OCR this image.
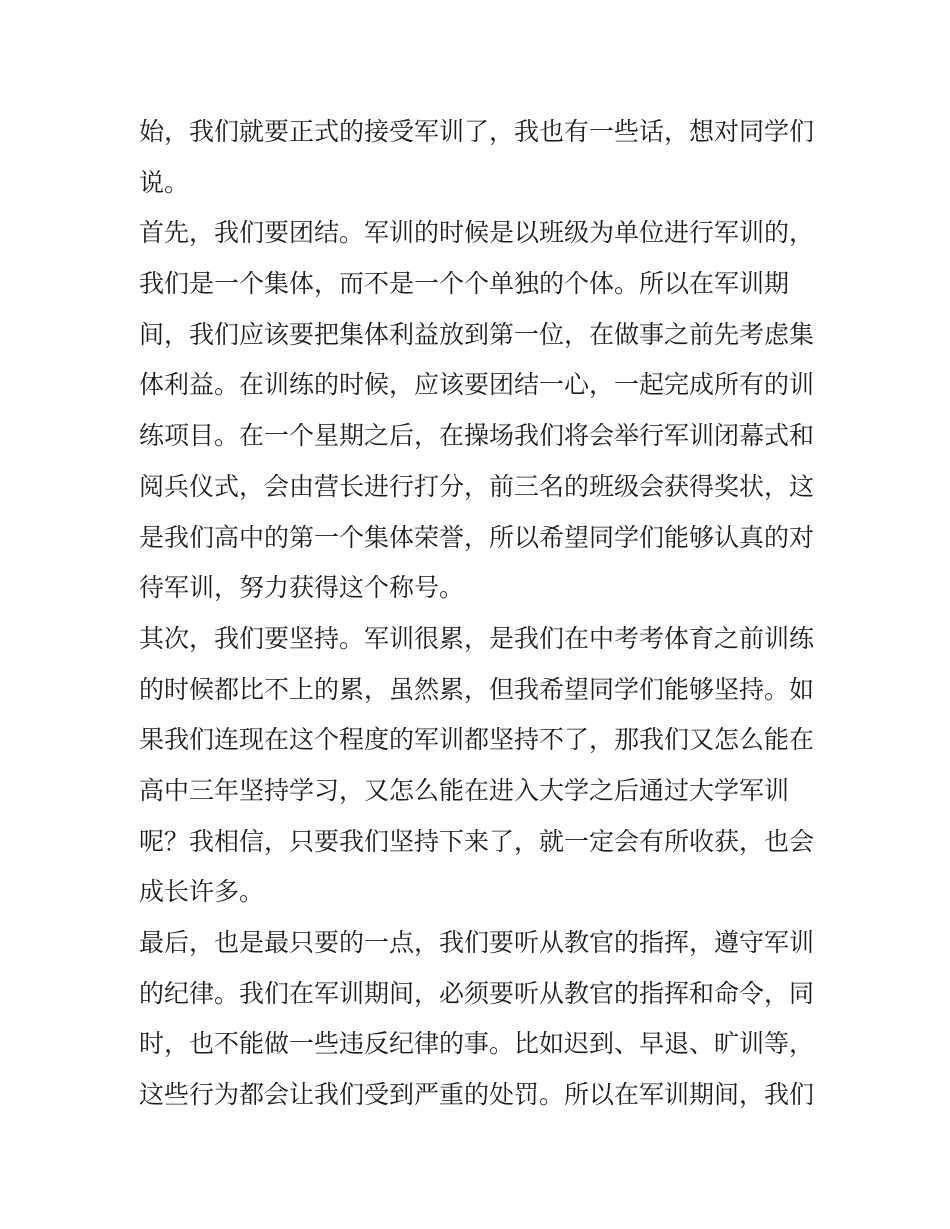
始，我们就要正式的接受军训了，我也有一些话，想对同学们
说。
首先，我们要团结。军训的时候是以班级为单位进行军训的，
我们是一个集体，而不是一个个单独的个体。所以在军训期
间，我们应该要把集体利益放到第一位，在做事之前先考虑集
体利益。在训练的时候，应该要团结一心，一起完成所有的训
练项目。在一个星期之后，在操场我们将会举行军训闭幕式和
阅兵仪式，会由营长进行打分，前三名的班级会获得奖状，这
是我们高中的第一个集体荣誉，所以希望同学们能够认真的对
待军训，努力获得这个称号。
其次，我们要坚持。军训很累，是我们在中考考体育之前训练
的时候都比不上的累，虽然累，但我希望同学们能够坚持。如
果我们连现在这个程度的军训都坚持不了，那我们又怎么能在
高中三年坚持学习，又怎么能在进入大学之后通过大学军训
呢？我相信，只要我们坚持下来了，就一定会有所收获，也会
成长许多。
最后，也是最只要的一点，我们要听从教官的指挥，遵守军训
的纪律。我们在军训期间，必须要听从教官的指挥和命令，同
时，也不能做一些违反纪律的事。比如迟到、早退、旷训等，
这些行为都会让我们受到严重的处罚。所以在军训期间，我们
